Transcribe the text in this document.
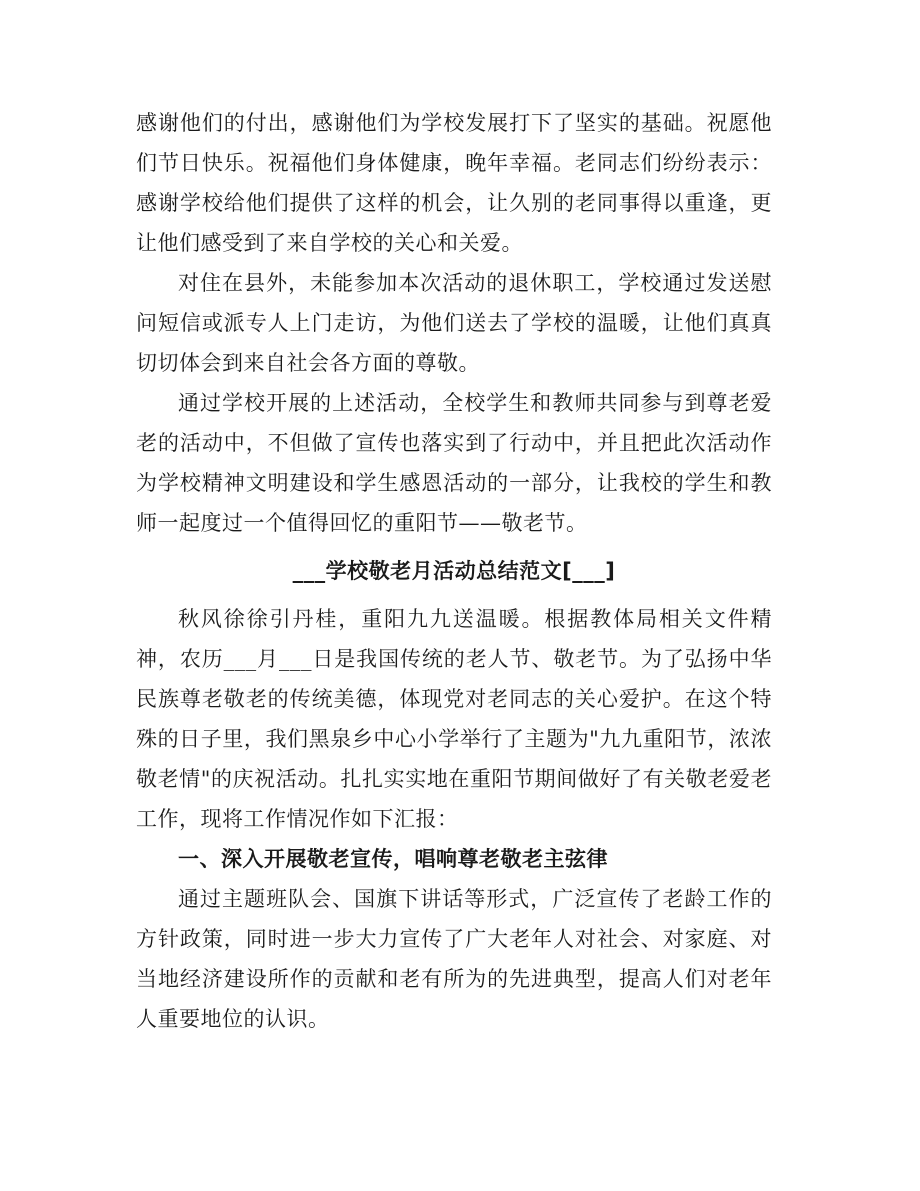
感谢他们的付出，感谢他们为学校发展打下了坚实的基础。祝愿他们节日快乐。祝福他们身体健康，晚年幸福。老同志们纷纷表示：感谢学校给他们提供了这样的机会，让久别的老同事得以重逢，更让他们感受到了来自学校的关心和关爱。

对住在县外，未能参加本次活动的退休职工，学校通过发送慰问短信或派专人上门走访，为他们送去了学校的温暖，让他们真真切切体会到来自社会各方面的尊敬。

通过学校开展的上述活动，全校学生和教师共同参与到尊老爱老的活动中，不但做了宣传也落实到了行动中，并且把此次活动作为学校精神文明建设和学生感恩活动的一部分，让我校的学生和教师一起度过一个值得回忆的重阳节——敬老节。

___学校敬老月活动总结范文[___]

秋风徐徐引丹桂，重阳九九送温暖。根据教体局相关文件精神，农历___月___日是我国传统的老人节、敬老节。为了弘扬中华民族尊老敬老的传统美德，体现党对老同志的关心爱护。在这个特殊的日子里，我们黑泉乡中心小学举行了主题为"九九重阳节，浓浓敬老情"的庆祝活动。扎扎实实地在重阳节期间做好了有关敬老爱老工作，现将工作情况作如下汇报：

一、深入开展敬老宣传，唱响尊老敬老主弦律

通过主题班队会、国旗下讲话等形式，广泛宣传了老龄工作的方针政策，同时进一步大力宣传了广大老年人对社会、对家庭、对当地经济建设所作的贡献和老有所为的先进典型，提高人们对老年人重要地位的认识。
